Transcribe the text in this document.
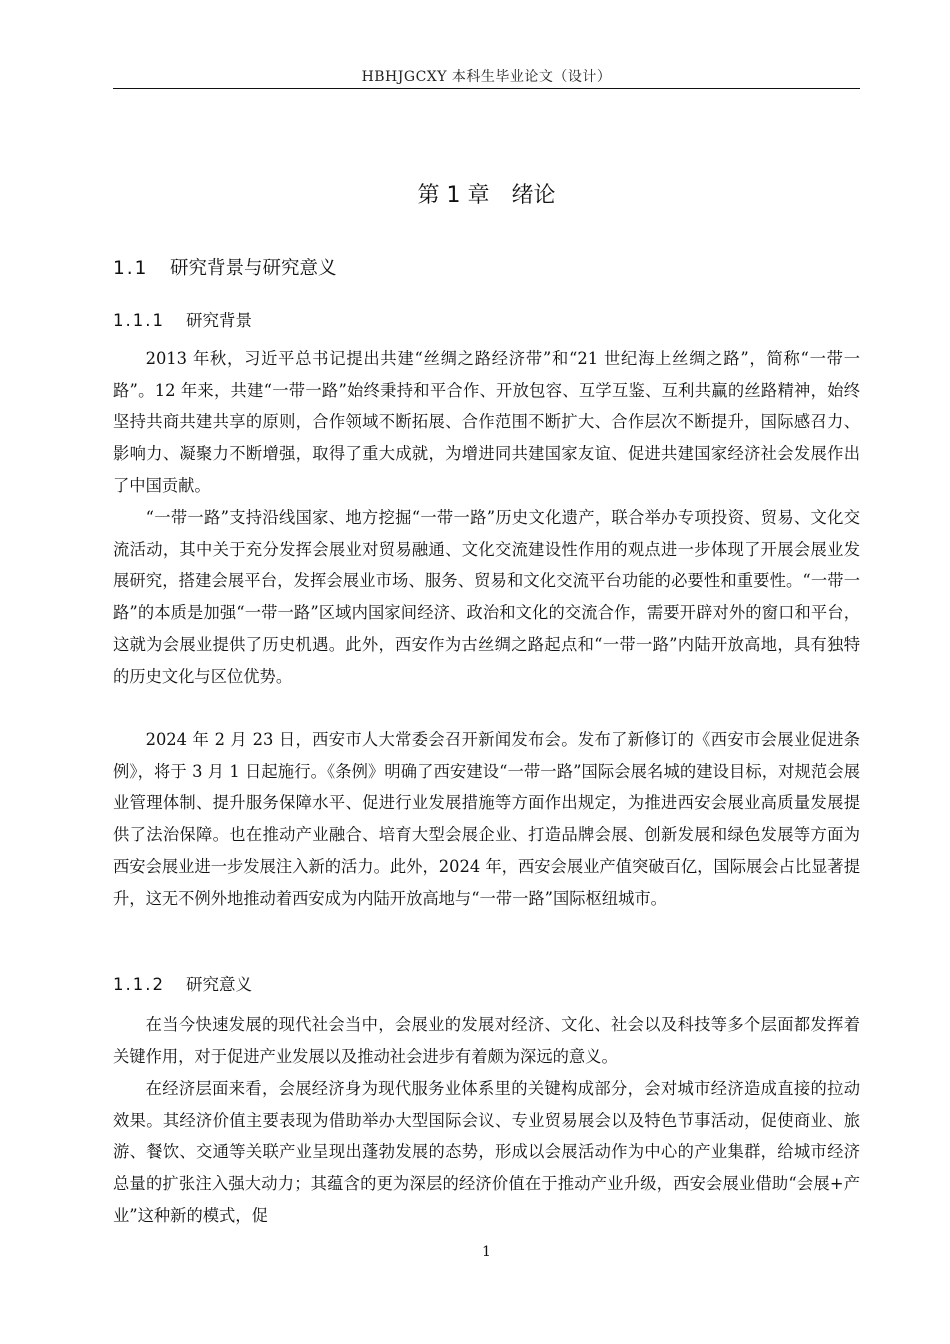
HBHJGCXY 本科生毕业论文（设计）
第 1 章 绪论
1.1 研究背景与研究意义
1.1.1 研究背景

2013 年秋，习近平总书记提出共建“丝绸之路经济带”和“21 世纪海上丝绸之路”，简称“一带一路”。12 年来，共建“一带一路”始终秉持和平合作、开放包容、互学互鉴、互利共赢的丝路精神，始终坚持共商共建共享的原则，合作领域不断拓展、合作范围不断扩大、合作层次不断提升，国际感召力、影响力、凝聚力不断增强，取得了重大成就，为增进同共建国家友谊、促进共建国家经济社会发展作出了中国贡献。

“一带一路”支持沿线国家、地方挖掘“一带一路”历史文化遗产，联合举办专项投资、贸易、文化交流活动，其中关于充分发挥会展业对贸易融通、文化交流建设性作用的观点进一步体现了开展会展业发展研究，搭建会展平台，发挥会展业市场、服务、贸易和文化交流平台功能的必要性和重要性。“一带一路”的本质是加强“一带一路”区域内国家间经济、政治和文化的交流合作，需要开辟对外的窗口和平台，这就为会展业提供了历史机遇。此外，西安作为古丝绸之路起点和“一带一路”内陆开放高地，具有独特的历史文化与区位优势。

2024 年 2 月 23 日，西安市人大常委会召开新闻发布会。发布了新修订的《西安市会展业促进条例》，将于 3 月 1 日起施行。《条例》明确了西安建设“一带一路”国际会展名城的建设目标，对规范会展业管理体制、提升服务保障水平、促进行业发展措施等方面作出规定，为推进西安会展业高质量发展提供了法治保障。也在推动产业融合、培育大型会展企业、打造品牌会展、创新发展和绿色发展等方面为西安会展业进一步发展注入新的活力。此外，2024 年，西安会展业产值突破百亿，国际展会占比显著提升，这无不例外地推动着西安成为内陆开放高地与“一带一路”国际枢纽城市。

1.1.2 研究意义

在当今快速发展的现代社会当中，会展业的发展对经济、文化、社会以及科技等多个层面都发挥着关键作用，对于促进产业发展以及推动社会进步有着颇为深远的意义。

在经济层面来看，会展经济身为现代服务业体系里的关键构成部分，会对城市经济造成直接的拉动效果。其经济价值主要表现为借助举办大型国际会议、专业贸易展会以及特色节事活动，促使商业、旅游、餐饮、交通等关联产业呈现出蓬勃发展的态势，形成以会展活动作为中心的产业集群，给城市经济总量的扩张注入强大动力；其蕴含的更为深层的经济价值在于推动产业升级，西安会展业借助“会展+产业”这种新的模式，促

1
